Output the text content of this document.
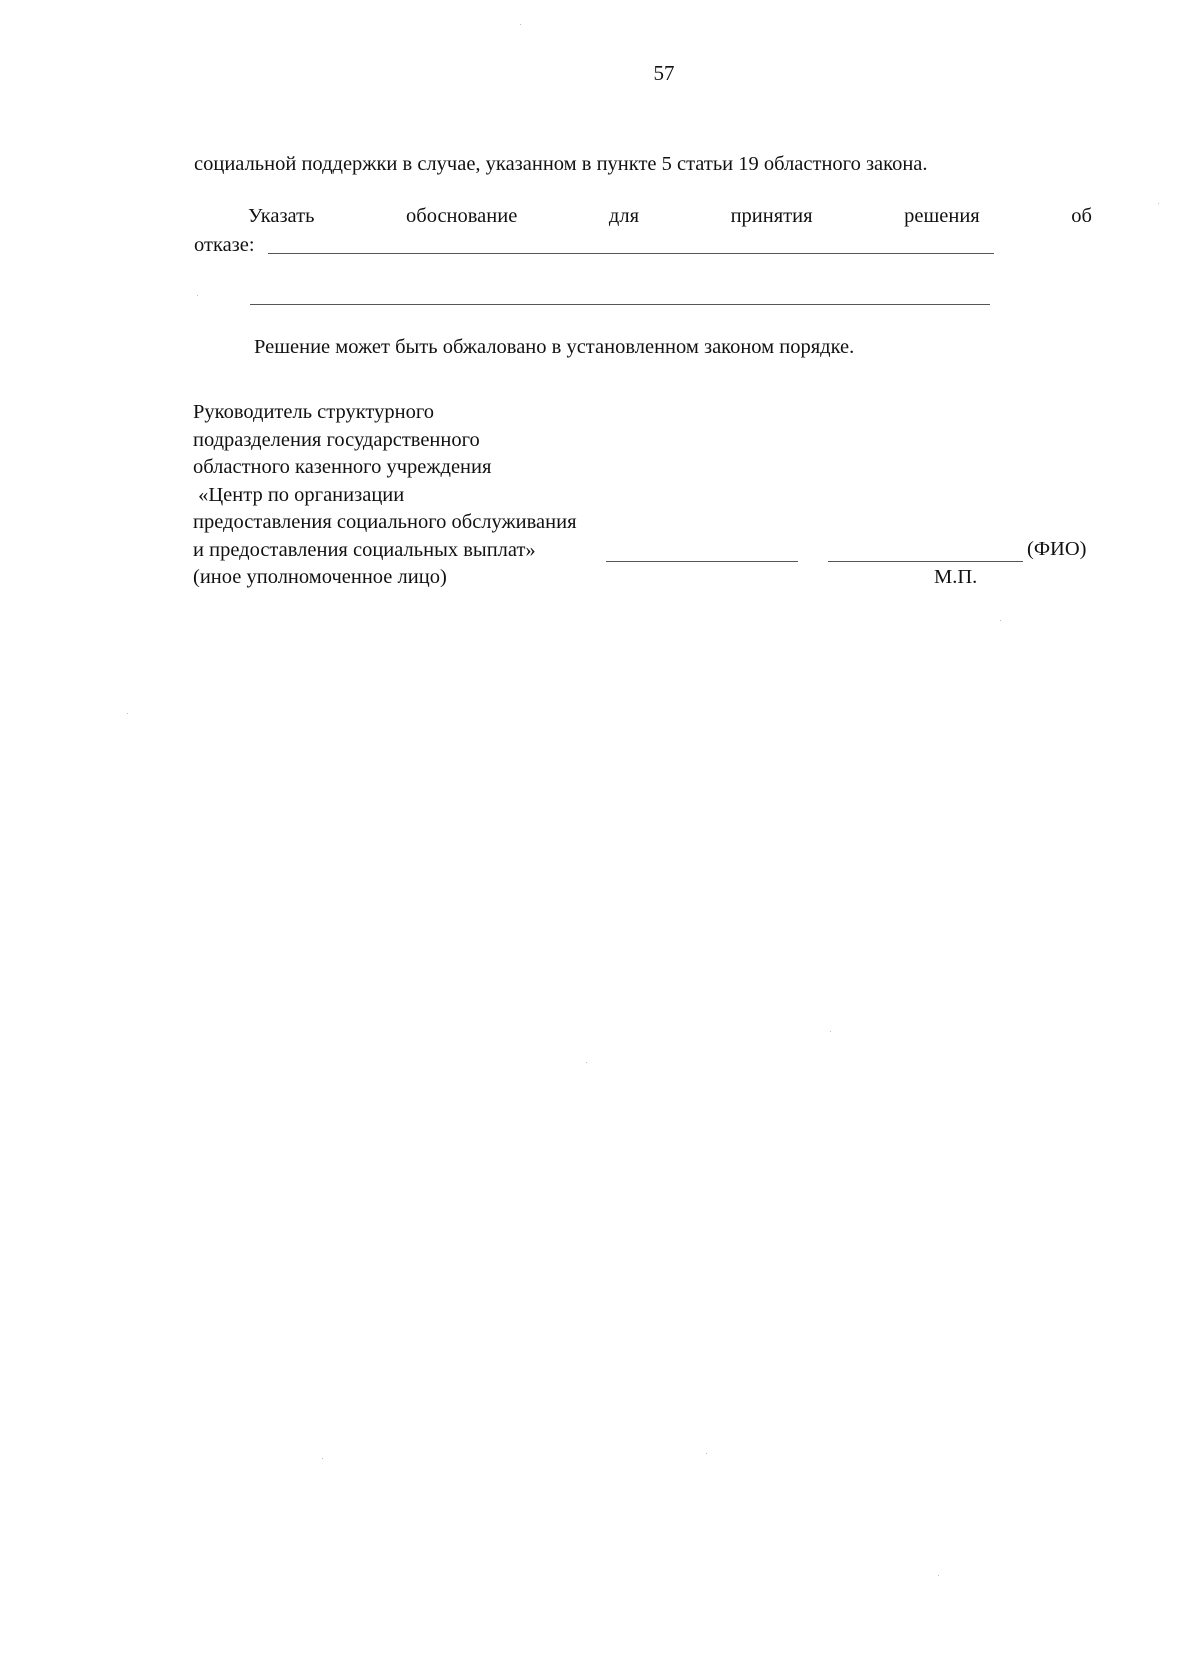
57
социальной поддержки в случае, указанном в пункте 5 статьи 19 областного закона.
Указать	обоснование	для	принятия	решения	об
отказе:
Решение может быть обжаловано в установленном законом порядке.
Руководитель структурного
подразделения государственного
областного казенного учреждения
«Центр по организации
предоставления социального обслуживания
и предоставления социальных выплат»
(иное уполномоченное лицо)
(ФИО)
М.П.
